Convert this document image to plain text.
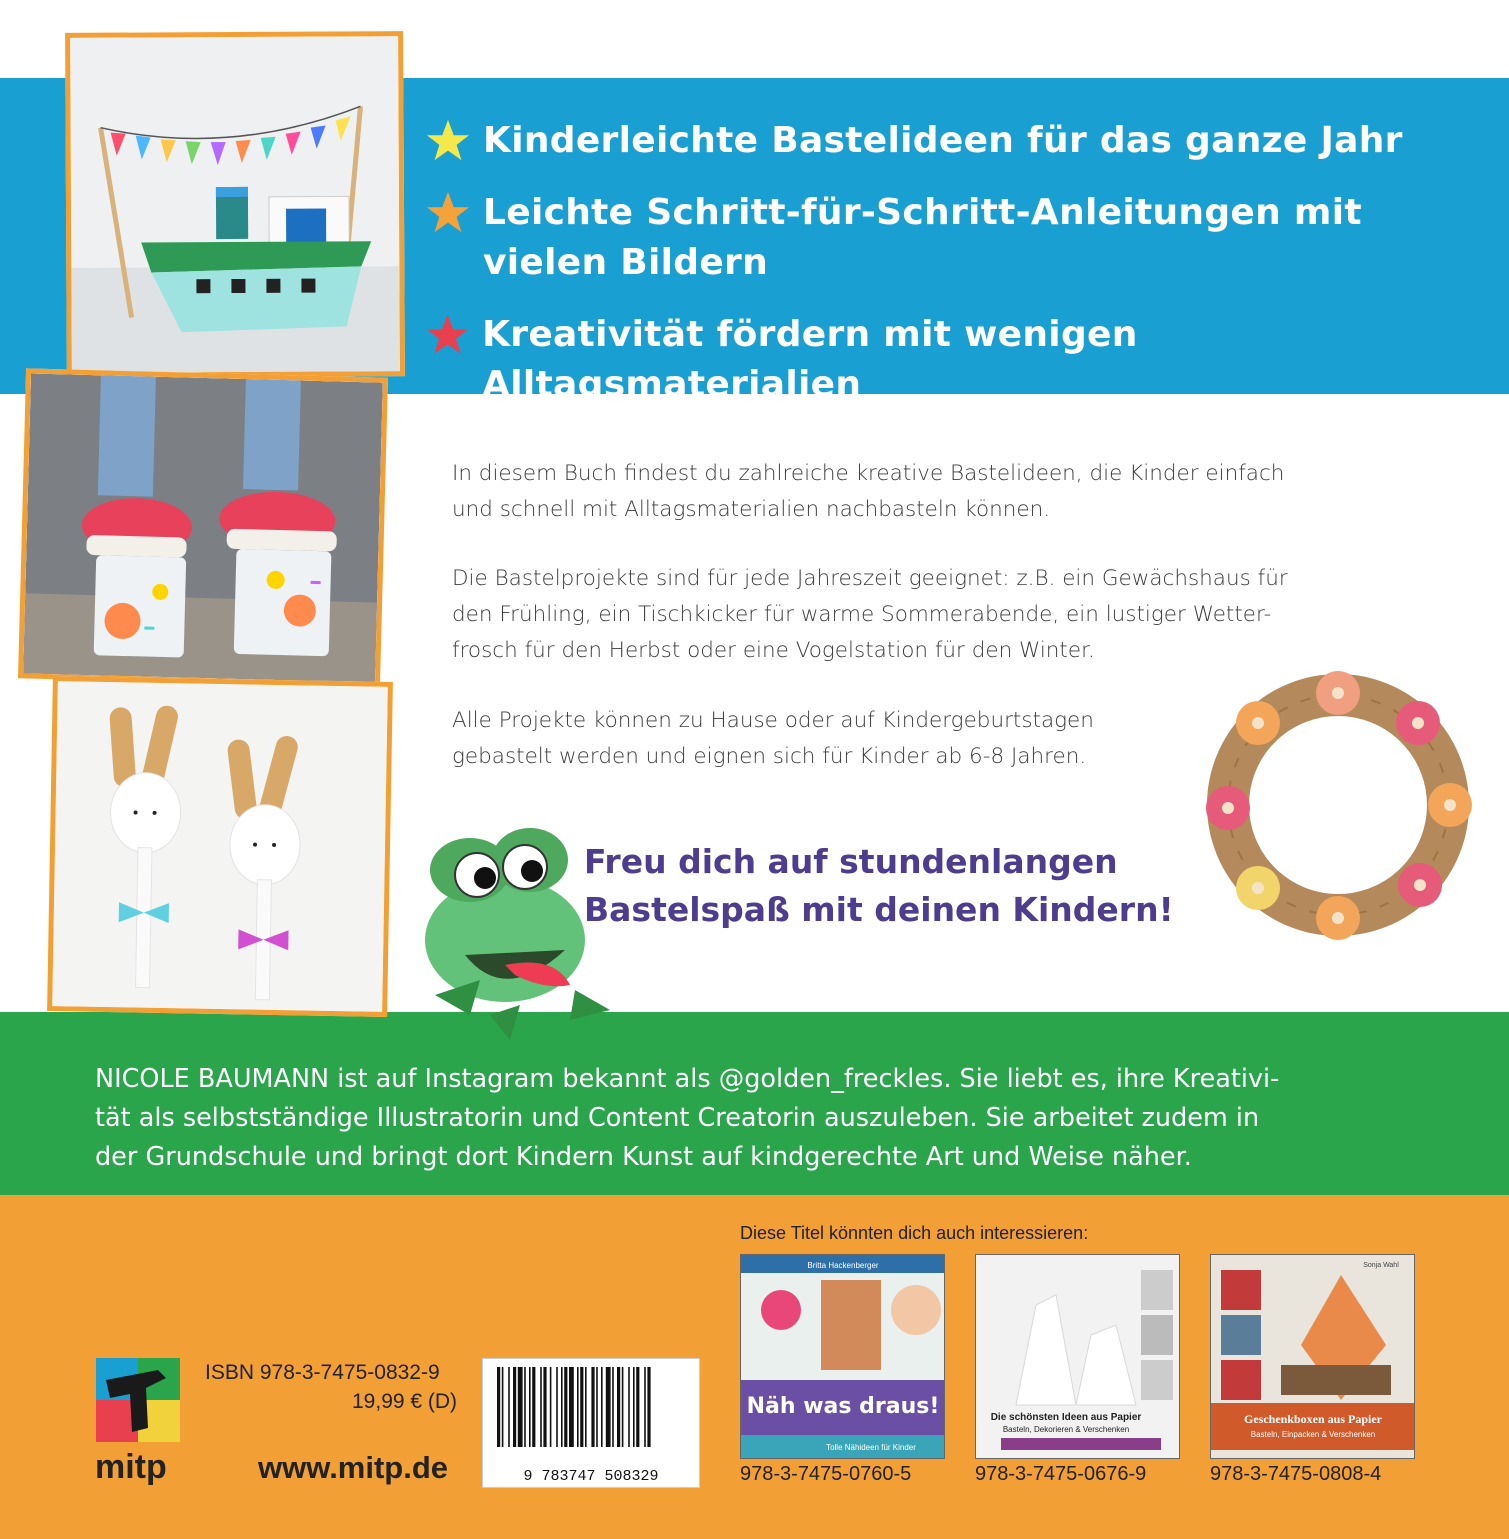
Kinderleichte Bastelideen für das ganze Jahr
Leichte Schritt-für-Schritt-Anleitungen mit
vielen Bildern
Kreativität fördern mit wenigen Alltagsmaterialien
In diesem Buch findest du zahlreiche kreative Bastelideen, die Kinder einfach
und schnell mit Alltagsmaterialien nachbasteln können.
Die Bastelprojekte sind für jede Jahreszeit geeignet: z.B. ein Gewächshaus für
den Frühling, ein Tischkicker für warme Sommerabende, ein lustiger Wetter-
frosch für den Herbst oder eine Vogelstation für den Winter.
Alle Projekte können zu Hause oder auf Kindergeburtstagen
gebastelt werden und eignen sich für Kinder ab 6-8 Jahren.
Freu dich auf stundenlangen
Bastelspaß mit deinen Kindern!
NICOLE BAUMANN ist auf Instagram bekannt als @golden_freckles. Sie liebt es, ihre Kreativi-
tät als selbstständige Illustratorin und Content Creatorin auszuleben. Sie arbeitet zudem in
der Grundschule und bringt dort Kindern Kunst auf kindgerechte Art und Weise näher.
mitp
ISBN 978-3-7475-0832-9
19,99 € (D)
www.mitp.de	9 783747 508329
Diese Titel könnten dich auch interessieren:
Britta Hackenberger
Näh was draus!
Tolle Nähideen für Kinder
Die schönsten Ideen aus Papier
Basteln, Dekorieren & Verschenken
Sonja Wahl
Geschenkboxen aus Papier
Basteln, Einpacken & Verschenken
978-3-7475-0760-5	978-3-7475-0676-9	978-3-7475-0808-4
